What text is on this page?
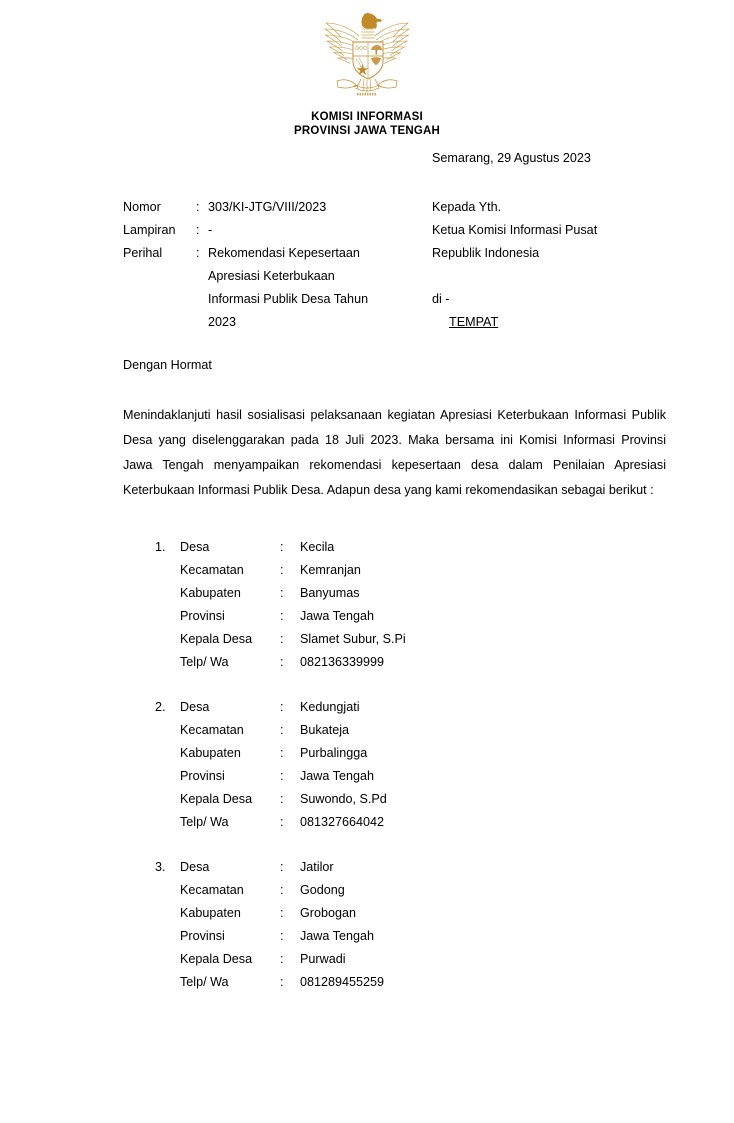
KOMISI INFORMASI
PROVINSI JAWA TENGAH
Semarang, 29 Agustus 2023
Nomor	: 303/KI-JTG/VIII/2023
Lampiran	: -
Perihal	: Rekomendasi Kepesertaan
Apresiasi Keterbukaan
Informasi Publik Desa Tahun
2023
Kepada Yth.
Ketua Komisi Informasi Pusat
Republik Indonesia
di -
TEMPAT
Dengan Hormat
Menindaklanjuti hasil sosialisasi pelaksanaan kegiatan Apresiasi Keterbukaan Informasi Publik Desa yang diselenggarakan pada 18 Juli 2023. Maka bersama ini Komisi Informasi Provinsi Jawa Tengah menyampaikan rekomendasi kepesertaan desa dalam Penilaian Apresiasi Keterbukaan Informasi Publik Desa. Adapun desa yang kami rekomendasikan sebagai berikut :
1.	Desa	:	Kecila
Kecamatan	:	Kemranjan
Kabupaten	:	Banyumas
Provinsi	:	Jawa Tengah
Kepala Desa	:	Slamet Subur, S.Pi
Telp/ Wa	:	082136339999
2.	Desa	:	Kedungjati
Kecamatan	:	Bukateja
Kabupaten	:	Purbalingga
Provinsi	:	Jawa Tengah
Kepala Desa	:	Suwondo, S.Pd
Telp/ Wa	:	081327664042
3.	Desa	:	Jatilor
Kecamatan	:	Godong
Kabupaten	:	Grobogan
Provinsi	:	Jawa Tengah
Kepala Desa	:	Purwadi
Telp/ Wa	:	081289455259
